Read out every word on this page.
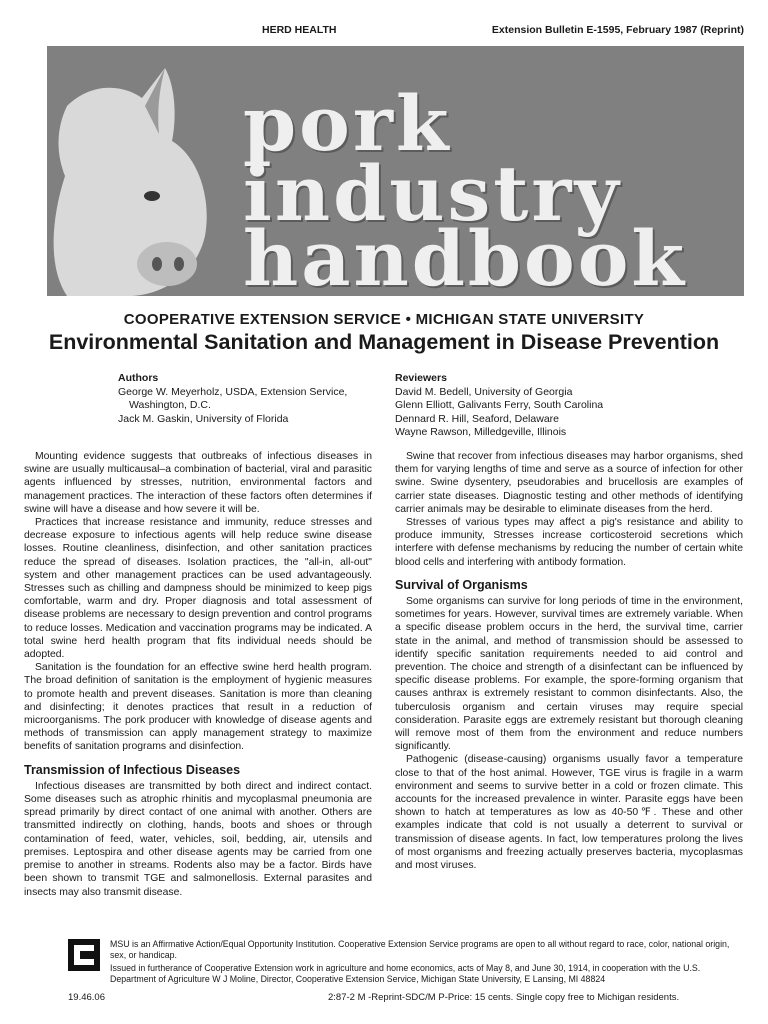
HERD HEALTH	Extension Bulletin E-1595, February 1987 (Reprint)
pork
industry
handbook
COOPERATIVE EXTENSION SERVICE • MICHIGAN STATE UNIVERSITY
Environmental Sanitation and Management in Disease Prevention
Authors

George W. Meyerholz, USDA, Extension Service,

Washington, D.C.

Jack M. Gaskin, University of Florida

Reviewers

David M. Bedell, University of Georgia

Glenn Elliott, Galivants Ferry, South Carolina

Dennard R. Hill, Seaford, Delaware

Wayne Rawson, Milledgeville, Illinois

Mounting evidence suggests that outbreaks of infectious diseases in swine are usually multicausal–a combination of bacterial, viral and parasitic agents influenced by stresses, nutrition, environmental factors and management practices. The interaction of these factors often determines if swine will have a disease and how severe it will be.

Practices that increase resistance and immunity, reduce stresses and decrease exposure to infectious agents will help reduce swine disease losses. Routine cleanliness, disinfection, and other sanitation practices reduce the spread of diseases. Isolation practices, the "all-in, all-out" system and other management practices can be used advantageously. Stresses such as chilling and dampness should be minimized to keep pigs comfortable, warm and dry. Proper diagnosis and total assessment of disease problems are necessary to design prevention and control programs to reduce losses. Medication and vaccination programs may be indicated. A total swine herd health program that fits individual needs should be adopted.

Sanitation is the foundation for an effective swine herd health program. The broad definition of sanitation is the employment of hygienic measures to promote health and prevent diseases. Sanitation is more than cleaning and disinfecting; it denotes practices that result in a reduction of microorganisms. The pork producer with knowledge of disease agents and methods of transmission can apply management strategy to maximize benefits of sanitation programs and disinfection.

Transmission of Infectious Diseases

Infectious diseases are transmitted by both direct and indirect contact. Some diseases such as atrophic rhinitis and mycoplasmal pneumonia are spread primarily by direct contact of one animal with another. Others are transmitted indirectly on clothing, hands, boots and shoes or through contamination of feed, water, vehicles, soil, bedding, air, utensils and premises. Leptospira and other disease agents may be carried from one premise to another in streams. Rodents also may be a factor. Birds have been shown to transmit TGE and salmonellosis. External parasites and insects may also transmit disease.

Swine that recover from infectious diseases may harbor organisms, shed them for varying lengths of time and serve as a source of infection for other swine. Swine dysentery, pseudorabies and brucellosis are examples of carrier state diseases. Diagnostic testing and other methods of identifying carrier animals may be desirable to eliminate diseases from the herd.

Stresses of various types may affect a pig's resistance and ability to produce immunity, Stresses increase corticosteroid secretions which interfere with defense mechanisms by reducing the number of certain white blood cells and interfering with antibody formation.

Survival of Organisms

Some organisms can survive for long periods of time in the environment, sometimes for years. However, survival times are extremely variable. When a specific disease problem occurs in the herd, the survival time, carrier state in the animal, and method of transmission should be assessed to identify specific sanitation requirements needed to aid control and prevention. The choice and strength of a disinfectant can be influenced by specific disease problems. For example, the spore-forming organism that causes anthrax is extremely resistant to common disinfectants. Also, the tuberculosis organism and certain viruses may require special consideration. Parasite eggs are extremely resistant but thorough cleaning will remove most of them from the environment and reduce numbers significantly.

Pathogenic (disease-causing) organisms usually favor a temperature close to that of the host animal. However, TGE virus is fragile in a warm environment and seems to survive better in a cold or frozen climate. This accounts for the increased prevalence in winter. Parasite eggs have been shown to hatch at temperatures as low as 40-50℉. These and other examples indicate that cold is not usually a deterrent to survival or transmission of disease agents. In fact, low temperatures prolong the lives of most organisms and freezing actually preserves bacteria, mycoplasmas and most viruses.

MSU is an Affirmative Action/Equal Opportunity Institution. Cooperative Extension Service programs are open to all without regard to race, color, national origin, sex, or handicap.

Issued in furtherance of Cooperative Extension work in agriculture and home economics, acts of May 8, and June 30, 1914, in cooperation with the U.S. Department of Agriculture W J Moline, Director, Cooperative Extension Service, Michigan State University, E Lansing, MI 48824

19.46.06	2:87-2 M -Reprint-SDC/M P-Price: 15 cents. Single copy free to Michigan residents.
